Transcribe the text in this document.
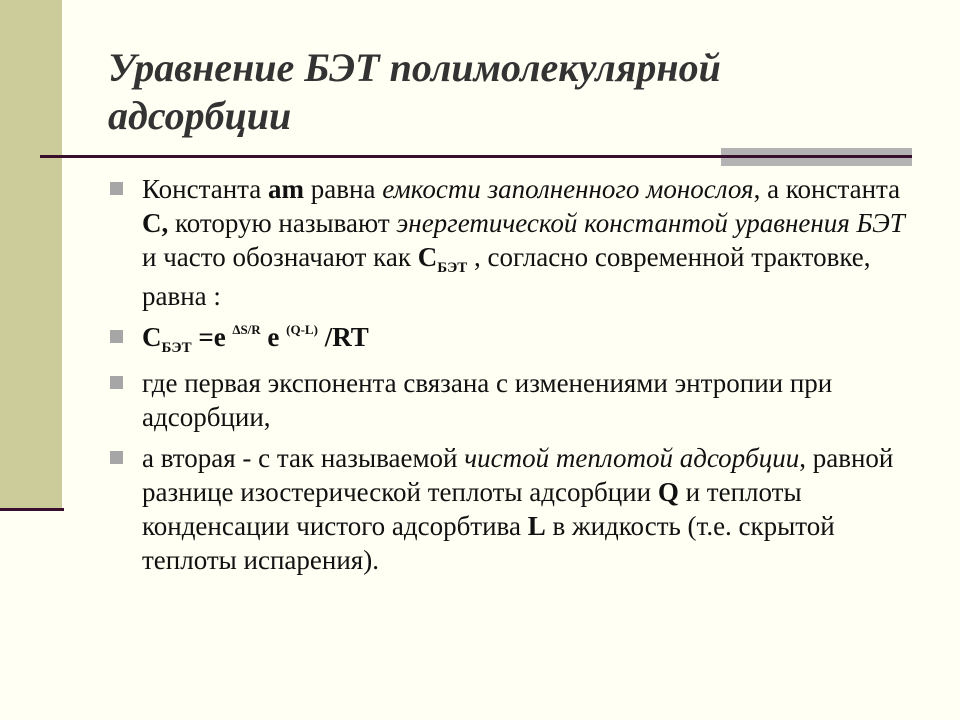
Уравнение БЭТ полимолекулярной адсорбции
Константа am равна емкости заполненного монослоя, а константа С, которую называют энергетической константой уравнения БЭТ и часто обозначают как $С_{БЭТ}$ , согласно современной трактовке, равна :
$С_{БЭТ} =е$ $^{\Delta S/R}$ е $^{(Q-L)}$ /RT
где первая экспонента связана с изменениями энтропии при адсорбции,
а вторая - с так называемой чистой теплотой адсорбции, равной разнице изостерической теплоты адсорбции Q и теплоты конденсации чистого адсорбтива L в жидкость (т.е. скрытой теплоты испарения).
